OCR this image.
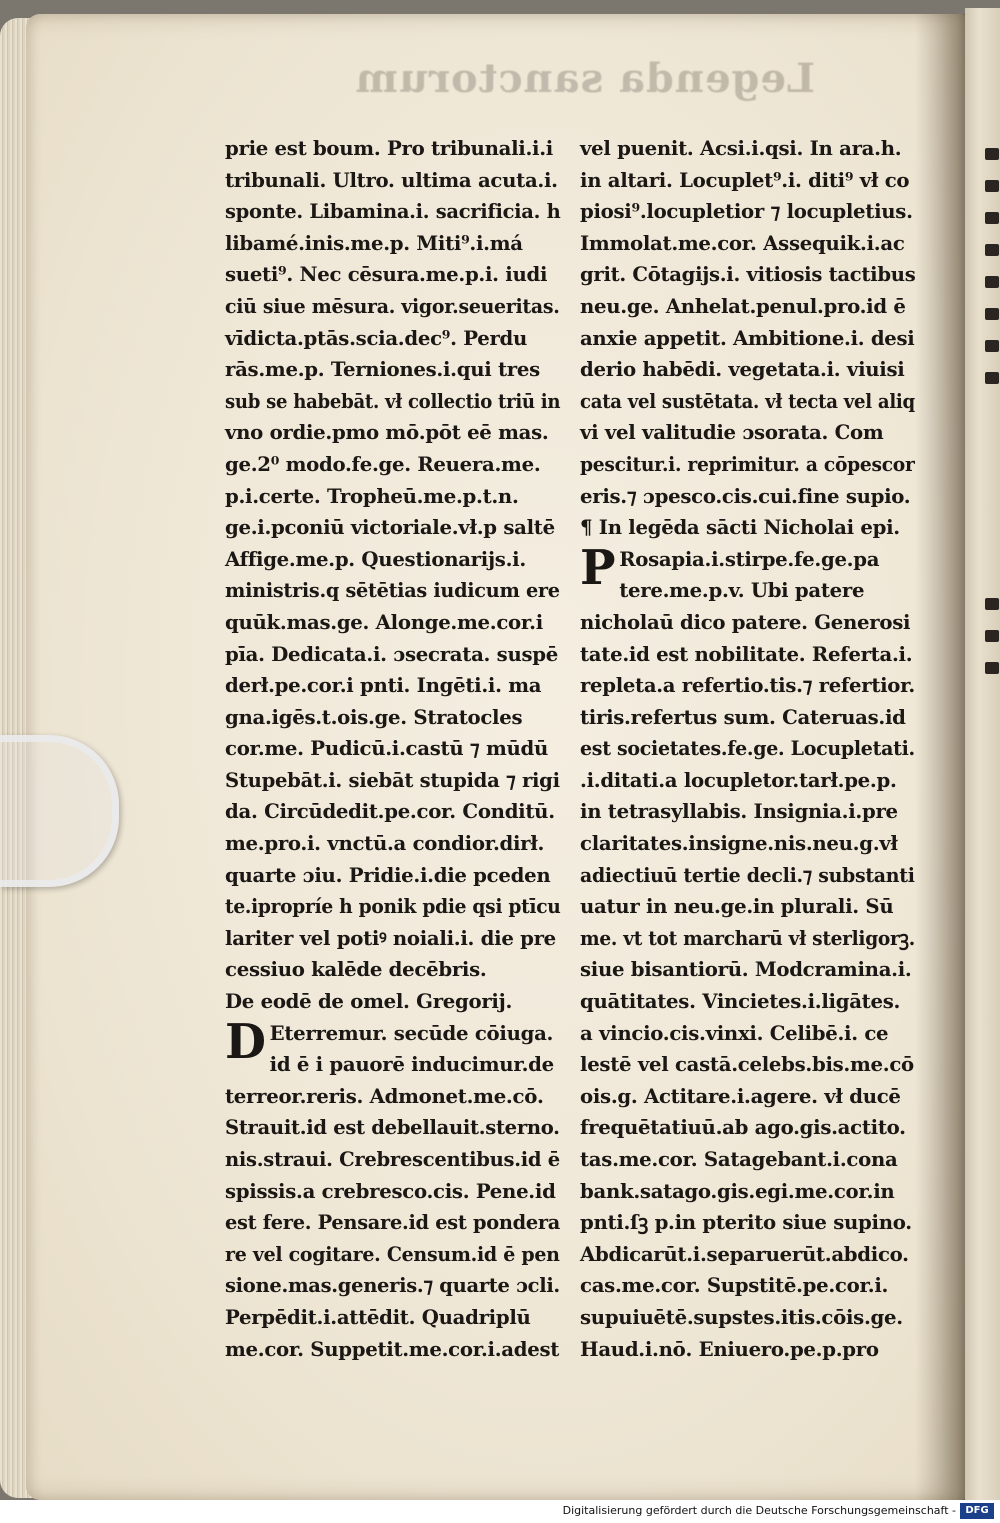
Legenda sanctorum
prie est boum. Pro tribunali.i.i
tribunali. Ultro. ultima acuta.i.
sponte. Libamina.i. sacrificia. h
libamé.inis.me.p. Miti⁹.i.má
sueti⁹. Nec cēsura.me.p.i. iudi
ciū siue mēsura. vigor.seueritas.
vīdicta.ptās.scia.dec⁹. Perdu
rās.me.p. Terniones.i.qui tres
sub se habebāt. vł collectio triū in
vno ordie.pmo mō.pōt eē mas.
ge.2⁰ modo.fe.ge. Reuera.me.
p.i.certe. Tropheū.me.p.t.n.
ge.i.pconiū victoriale.vł.p saltē
Affige.me.p. Questionarijs.i.
ministris.q sētētias iudicum ere
quūk.mas.ge. Alonge.me.cor.i
pīa. Dedicata.i. ɔsecrata. suspē
derł.pe.cor.i pnti. Ingēti.i. ma
gna.igēs.t.ois.ge. Stratocles
cor.me. Pudicū.i.castū ⁊ mūdū
Stupebāt.i. siebāt stupida ⁊ rigi
da. Circūdedit.pe.cor. Conditū.
me.pro.i. vnctū.a condior.dirł.
quarte ɔiu. Pridie.i.die pceden
te.ipropríe h ponik pdie qsi ptīcu
lariter vel potiꝰ noiali.i. die pre
cessiuo kalēde decēbris.
De eodē de omel. Gregorij.
D Eterremur. secūde cōiuga.
id ē i pauorē inducimur.de
terreor.reris. Admonet.me.cō.
Strauit.id est debellauit.sterno.
nis.straui. Crebrescentibus.id ē
spissis.a crebresco.cis. Pene.id
est fere. Pensare.id est pondera
re vel cogitare. Censum.id ē pen
sione.mas.generis.⁊ quarte ɔcli.
Perpēdit.i.attēdit. Quadriplū
me.cor. Suppetit.me.cor.i.adest
vel puenit. Acsi.i.qsi. In ara.h.
in altari. Locuplet⁹.i. diti⁹ vł co
piosi⁹.locupletior ⁊ locupletius.
Immolat.me.cor. Assequik.i.ac
grit. Cōtagijs.i. vitiosis tactibus
neu.ge. Anhelat.penul.pro.id ē
anxie appetit. Ambitione.i. desi
derio habēdi. vegetata.i. viuisi
cata vel sustētata. vł tecta vel aliq
vi vel valitudie ɔsorata. Com
pescitur.i. reprimitur. a cōpescor
eris.⁊ ɔpesco.cis.cui.fine supio.
¶ In legēda sācti Nicholai epi.
P Rosapia.i.stirpe.fe.ge.pa
tere.me.p.v. Ubi patere
nicholaū dico patere. Generosi
tate.id est nobilitate. Referta.i.
repleta.a refertio.tis.⁊ refertior.
tiris.refertus sum. Cateruas.id
est societates.fe.ge. Locupletati.
.i.ditati.a locupletor.tarł.pe.p.
in tetrasyllabis. Insignia.i.pre
claritates.insigne.nis.neu.g.vł
adiectiuū tertie decli.⁊ substanti
uatur in neu.ge.in plurali. Sū
me. vt tot marcharū vł sterligorꝫ.
siue bisantiorū. Modcramina.i.
quātitates. Vincietes.i.ligātes.
a vincio.cis.vinxi. Celibē.i. ce
lestē vel castā.celebs.bis.me.cō
ois.g. Actitare.i.agere. vł ducē
frequētatiuū.ab ago.gis.actito.
tas.me.cor. Satagebant.i.cona
bank.satago.gis.egi.me.cor.in
pnti.ſꝫ p.in pterito siue supino.
Abdicarūt.i.separuerūt.abdico.
cas.me.cor. Supstitē.pe.cor.i.
supuiuētē.supstes.itis.cōis.ge.
Haud.i.nō. Eniuero.pe.p.pro
Digitalisierung gefördert durch die Deutsche Forschungsgemeinschaft - DFG
